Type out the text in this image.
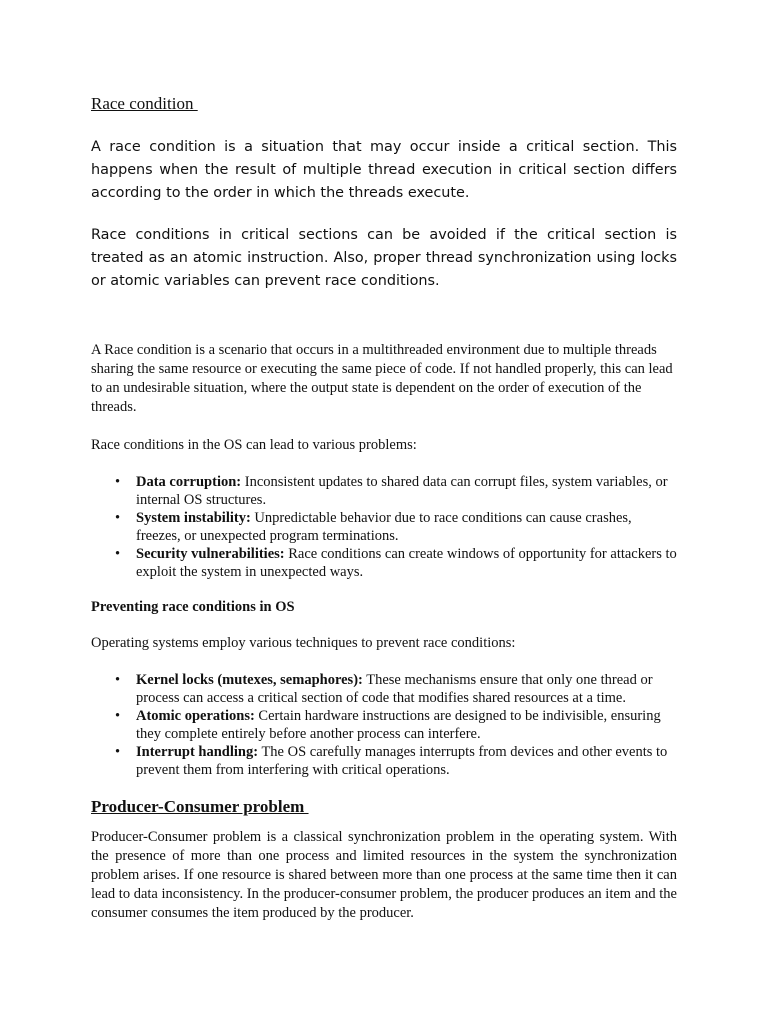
Race condition

A race condition is a situation that may occur inside a critical section. This happens when the result of multiple thread execution in critical section differs according to the order in which the threads execute.

Race conditions in critical sections can be avoided if the critical section is treated as an atomic instruction. Also, proper thread synchronization using locks or atomic variables can prevent race conditions.

A Race condition is a scenario that occurs in a multithreaded environment due to multiple threads sharing the same resource or executing the same piece of code. If not handled properly, this can lead to an undesirable situation, where the output state is dependent on the order of execution of the threads.

Race conditions in the OS can lead to various problems:

• Data corruption: Inconsistent updates to shared data can corrupt files, system variables, or internal OS structures.
• System instability: Unpredictable behavior due to race conditions can cause crashes, freezes, or unexpected program terminations.
• Security vulnerabilities: Race conditions can create windows of opportunity for attackers to exploit the system in unexpected ways.
Preventing race conditions in OS

Operating systems employ various techniques to prevent race conditions:

• Kernel locks (mutexes, semaphores): These mechanisms ensure that only one thread or process can access a critical section of code that modifies shared resources at a time.
• Atomic operations: Certain hardware instructions are designed to be indivisible, ensuring they complete entirely before another process can interfere.
• Interrupt handling: The OS carefully manages interrupts from devices and other events to prevent them from interfering with critical operations.
Producer-Consumer problem

Producer-Consumer problem is a classical synchronization problem in the operating system. With the presence of more than one process and limited resources in the system the synchronization problem arises. If one resource is shared between more than one process at the same time then it can lead to data inconsistency. In the producer-consumer problem, the producer produces an item and the consumer consumes the item produced by the producer.
